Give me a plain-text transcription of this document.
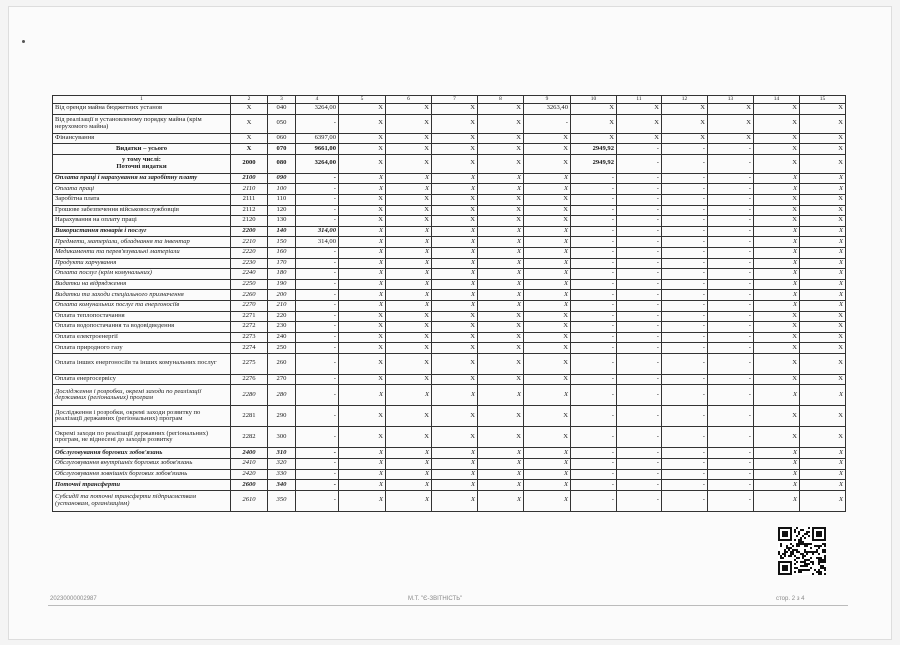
1	2	3	4	5	6	7	8	9	10	11	12	13	14	15
Від оренди майна бюджетних установ	X	040	3264,00	X	X	X	X	3263,40	X	X	X	X	X	X
Від реалізації в установленому порядку майна (крім нерухомого майна)	X	050	-	X	X	X	X	-	X	X	X	X	X	X
Фінансування	X	060	6397,00	X	X	X	X	X	X	X	X	X	X	X
Видатки – усього	X	070	9661,00	X	X	X	X	X	2949,92	-	-	-	X	X
у тому числі:
Поточні видатки	2000	080	3264,00	X	X	X	X	X	2949,92	-	-	-	X	X
Оплата праці і нарахування на заробітну плату	2100	090	-	X	X	X	X	X	-	-	-	-	X	X
Оплата праці	2110	100	-	X	X	X	X	X	-	-	-	-	X	X
Заробітна плата	2111	110	-	X	X	X	X	X	-	-	-	-	X	X
Грошове забезпечення військовослужбовців	2112	120	-	X	X	X	X	X	-	-	-	-	X	X
Нарахування на оплату праці	2120	130	-	X	X	X	X	X	-	-	-	-	X	X
Використання товарів і послуг	2200	140	314,00	X	X	X	X	X	-	-	-	-	X	X
Предмети, матеріали, обладнання та інвентар	2210	150	314,00	X	X	X	X	X	-	-	-	-	X	X
Медикаменти та перев'язувальні матеріали	2220	160	-	X	X	X	X	X	-	-	-	-	X	X
Продукти харчування	2230	170	-	X	X	X	X	X	-	-	-	-	X	X
Оплата послуг (крім комунальних)	2240	180	-	X	X	X	X	X	-	-	-	-	X	X
Видатки на відрядження	2250	190	-	X	X	X	X	X	-	-	-	-	X	X
Видатки та заходи спеціального призначення	2260	200	-	X	X	X	X	X	-	-	-	-	X	X
Оплата комунальних послуг та енергоносіїв	2270	210	-	X	X	X	X	X	-	-	-	-	X	X
Оплата теплопостачання	2271	220	-	X	X	X	X	X	-	-	-	-	X	X
Оплата водопостачання та водовідведення	2272	230	-	X	X	X	X	X	-	-	-	-	X	X
Оплата електроенергії	2273	240	-	X	X	X	X	X	-	-	-	-	X	X
Оплата природного газу	2274	250	-	X	X	X	X	X	-	-	-	-	X	X
Оплата інших енергоносіїв та інших комунальних послуг	2275	260	-	X	X	X	X	X	-	-	-	-	X	X
Оплата енергосервісу	2276	270	-	X	X	X	X	X	-	-	-	-	X	X
Дослідження і розробки, окремі заходи по реалізації державних (регіональних) програм	2280	280	-	X	X	X	X	X	-	-	-	-	X	X
Дослідження і розробки, окремі заходи розвитку по реалізації державних (регіональних) програм	2281	290	-	X	X	X	X	X	-	-	-	-	X	X
Окремі заходи по реалізації державних (регіональних) програм, не віднесені до заходів розвитку	2282	300	-	X	X	X	X	X	-	-	-	-	X	X
Обслуговування боргових зобов'язань	2400	310	-	X	X	X	X	X	-	-	-	-	X	X
Обслуговування внутрішніх боргових зобов'язань	2410	320	-	X	X	X	X	X	-	-	-	-	X	X
Обслуговування зовнішніх боргових зобов'язань	2420	330	-	X	X	X	X	X	-	-	-	-	X	X
Поточні трансферти	2600	340	-	X	X	X	X	X	-	-	-	-	X	X
Субсидії та поточні трансферти підприємствам (установам, організаціям)	2610	350	-	X	X	X	X	X	-	-	-	-	X	X
20230000002987	М.Т. "Є-ЗВІТНІСТЬ"	стор. 2 з 4
